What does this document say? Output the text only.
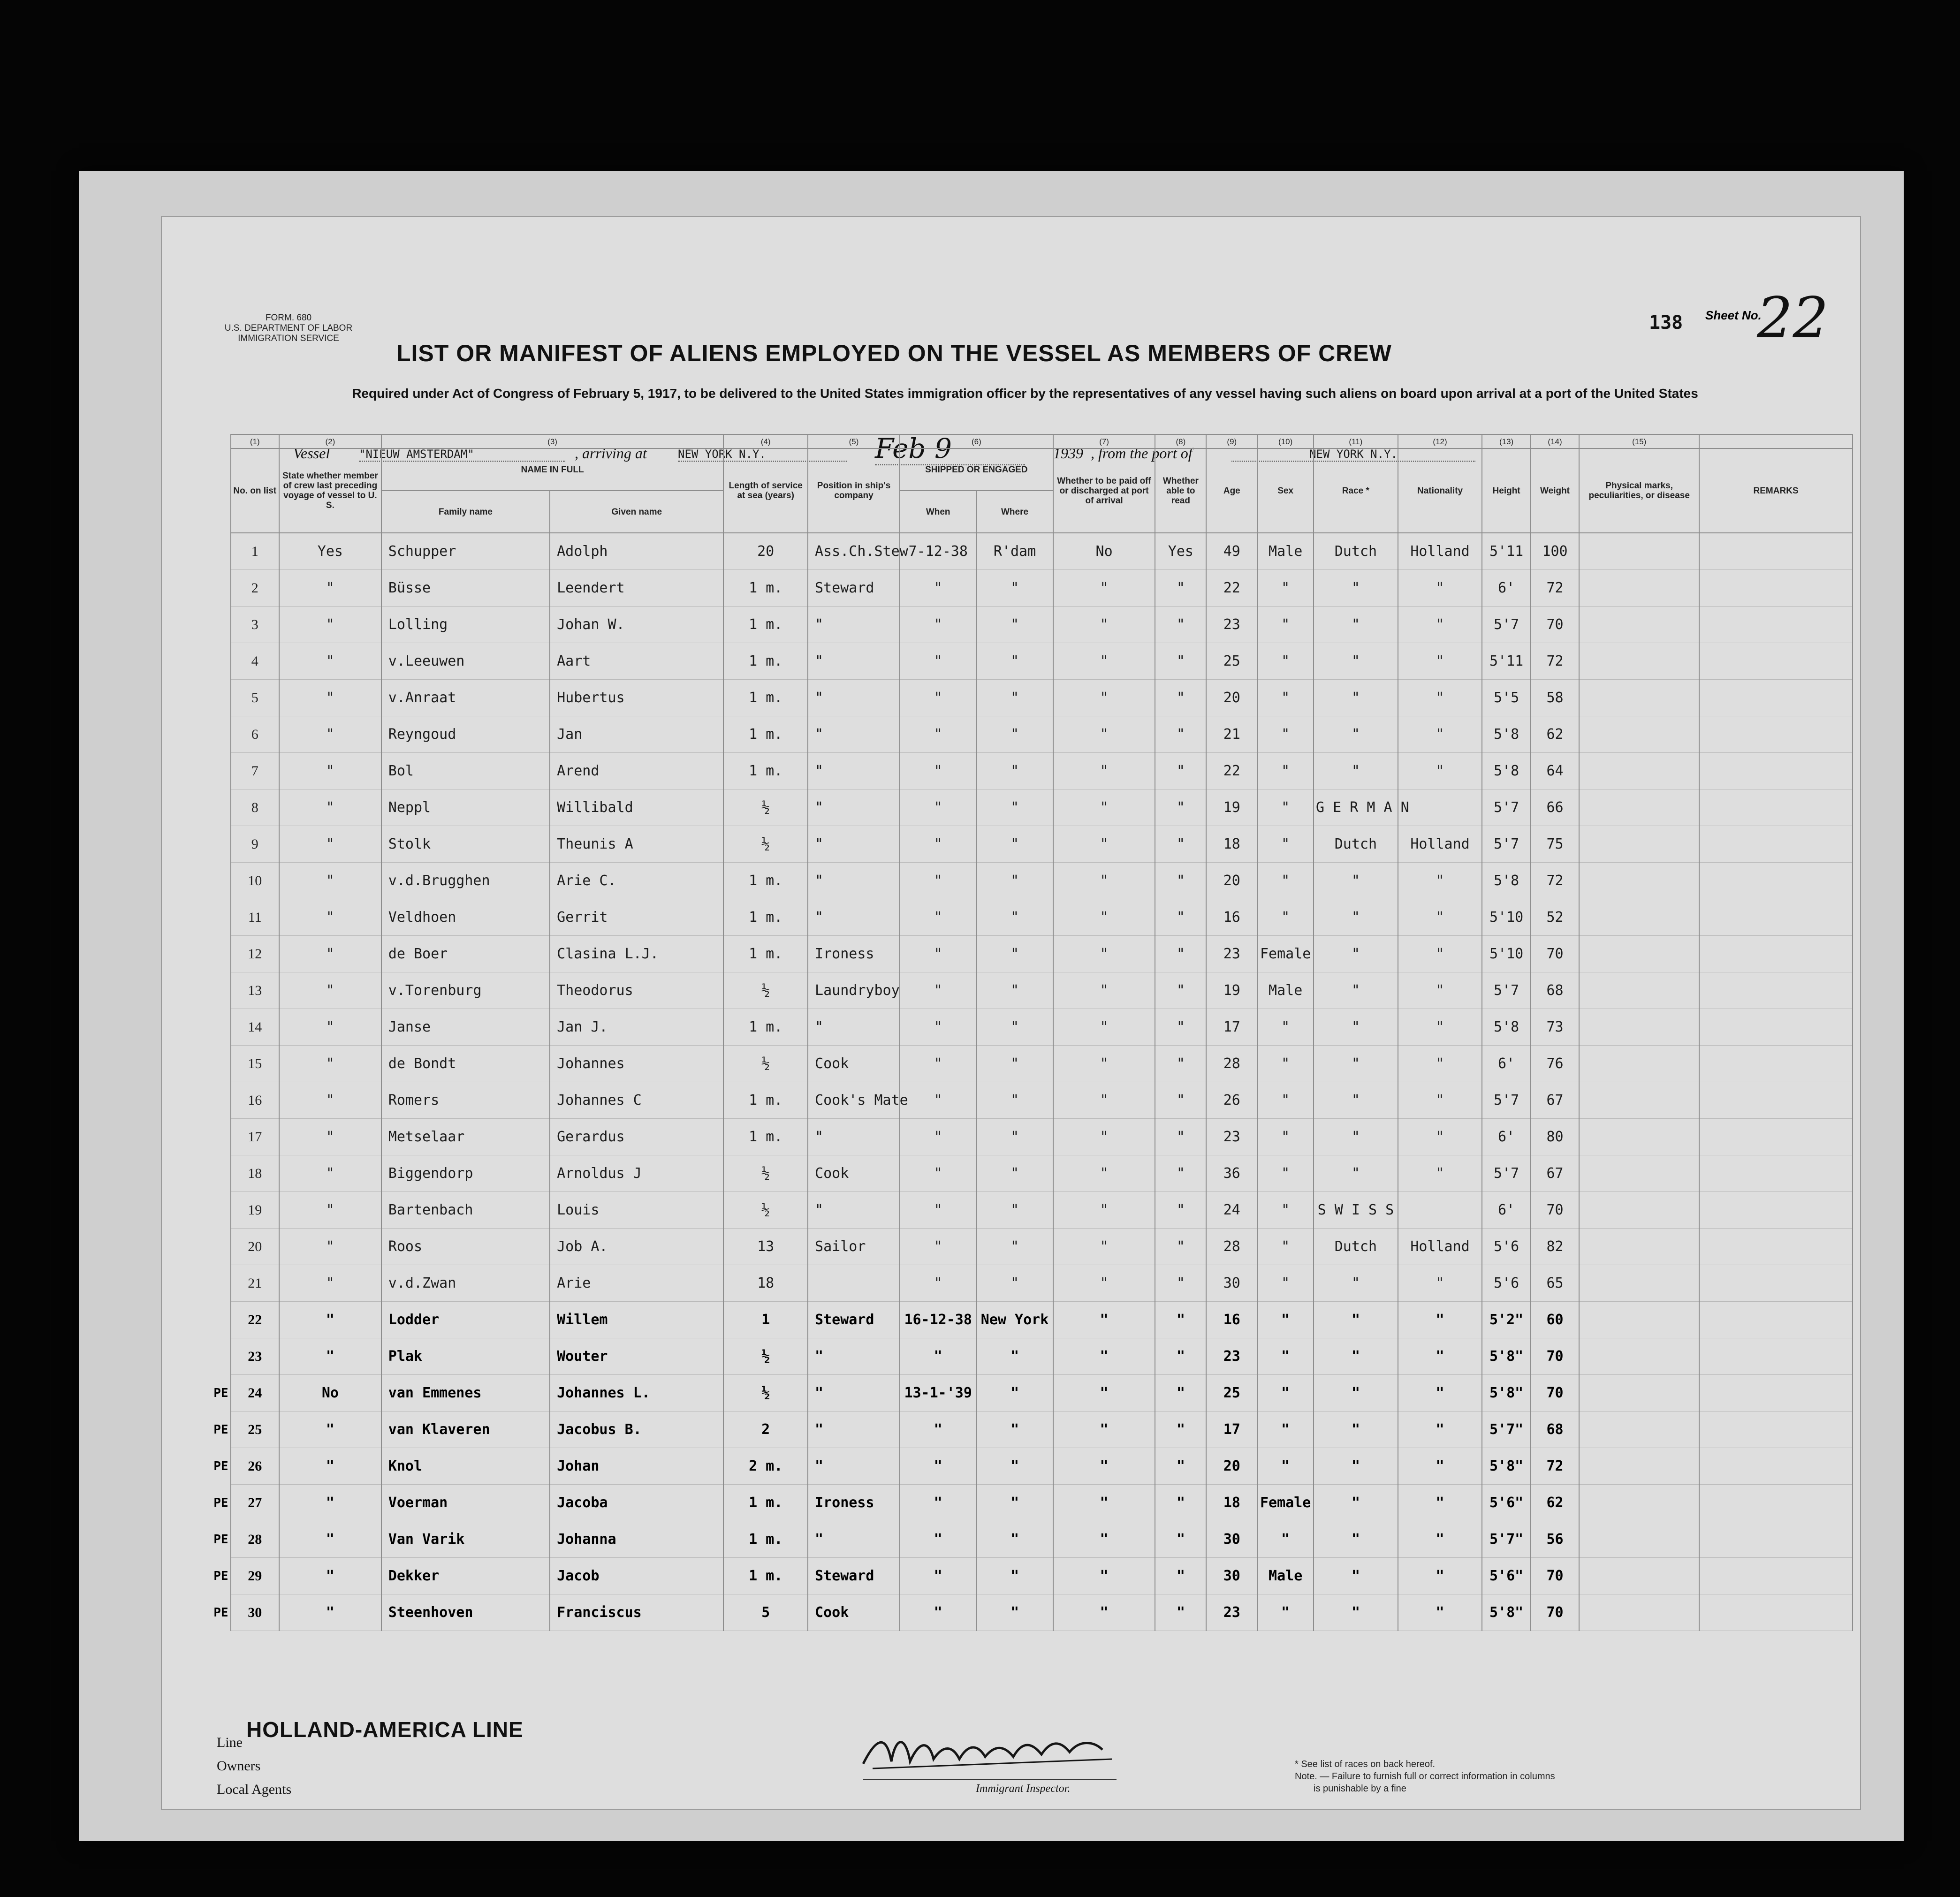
FORM. 680
U.S. DEPARTMENT OF LABOR
IMMIGRATION SERVICE
LIST OR MANIFEST OF ALIENS EMPLOYED ON THE VESSEL AS MEMBERS OF CREW
138 Sheet No.
22
Required under Act of Congress of February 5, 1917, to be delivered to the United States immigration officer by the representatives of any vessel having such aliens on board upon arrival at a port of the United States
Vessel	"NIEUW AMSTERDAM"	, arriving at	NEW YORK N.Y.	Feb 9	1939 , from the port of	NEW YORK N.Y.
	(1)	(2)	(3)		(4)	(5)	(6)		(7)	(8)	(9)	(10)	(11)	(12)	(13)	(14)	(15)	
	No. on list	State whether member of crew last preceding voyage of vessel to U. S.	NAME IN FULL		Length of service at sea (years)	Position in ship's company	SHIPPED OR ENGAGED		Whether to be paid off or discharged at port of arrival	Whether able to read	Age	Sex	Race *	Nationality	Height	Weight	Physical marks, peculiarities, or disease	REMARKS
			Family name	Given name			When	Where										
	1	Yes	Schupper	Adolph	20	Ass.Ch.Stew	7-12-38	R'dam	No	Yes	49	Male	Dutch	Holland	5'11	100		
	2	"	Büsse	Leendert	1 m.	Steward	"	"	"	"	22	"	"	"	6'	72		
	3	"	Lolling	Johan W.	1 m.	"	"	"	"	"	23	"	"	"	5'7	70		
	4	"	v.Leeuwen	Aart	1 m.	"	"	"	"	"	25	"	"	"	5'11	72		
	5	"	v.Anraat	Hubertus	1 m.	"	"	"	"	"	20	"	"	"	5'5	58		
	6	"	Reyngoud	Jan	1 m.	"	"	"	"	"	21	"	"	"	5'8	62		
	7	"	Bol	Arend	1 m.	"	"	"	"	"	22	"	"	"	5'8	64		
	8	"	Neppl	Willibald	½	"	"	"	"	"	19	"	G E R M A N		5'7	66		
	9	"	Stolk	Theunis A	½	"	"	"	"	"	18	"	Dutch	Holland	5'7	75		
	10	"	v.d.Brugghen	Arie C.	1 m.	"	"	"	"	"	20	"	"	"	5'8	72		
	11	"	Veldhoen	Gerrit	1 m.	"	"	"	"	"	16	"	"	"	5'10	52		
	12	"	de Boer	Clasina L.J.	1 m.	Ironess	"	"	"	"	23	Female	"	"	5'10	70		
	13	"	v.Torenburg	Theodorus	½	Laundryboy	"	"	"	"	19	Male	"	"	5'7	68		
	14	"	Janse	Jan J.	1 m.	"	"	"	"	"	17	"	"	"	5'8	73		
	15	"	de Bondt	Johannes	½	Cook	"	"	"	"	28	"	"	"	6'	76		
	16	"	Romers	Johannes C	1 m.	Cook's Mate	"	"	"	"	26	"	"	"	5'7	67		
	17	"	Metselaar	Gerardus	1 m.	"	"	"	"	"	23	"	"	"	6'	80		
	18	"	Biggendorp	Arnoldus J	½	Cook	"	"	"	"	36	"	"	"	5'7	67		
	19	"	Bartenbach	Louis	½	"	"	"	"	"	24	"	S W I S S		6'	70		
	20	"	Roos	Job A.	13	Sailor	"	"	"	"	28	"	Dutch	Holland	5'6	82		
	21	"	v.d.Zwan	Arie	18		"	"	"	"	30	"	"	"	5'6	65		
	22	"	Lodder	Willem	1	Steward	16-12-38	New York	"	"	16	"	"	"	5'2"	60		
	23	"	Plak	Wouter	½	"	"	"	"	"	23	"	"	"	5'8"	70		
PE	24	No	van Emmenes	Johannes L.	½	"	13-1-'39	"	"	"	25	"	"	"	5'8"	70		
PE	25	"	van Klaveren	Jacobus B.	2	"	"	"	"	"	17	"	"	"	5'7"	68		
PE	26	"	Knol	Johan	2 m.	"	"	"	"	"	20	"	"	"	5'8"	72		
PE	27	"	Voerman	Jacoba	1 m.	Ironess	"	"	"	"	18	Female	"	"	5'6"	62		
PE	28	"	Van Varik	Johanna	1 m.	"	"	"	"	"	30	"	"	"	5'7"	56		
PE	29	"	Dekker	Jacob	1 m.	Steward	"	"	"	"	30	Male	"	"	5'6"	70		
PE	30	"	Steenhoven	Franciscus	5	Cook	"	"	"	"	23	"	"	"	5'8"	70		
HOLLAND-AMERICA LINE
Line
Owners
Local Agents	Immigrant Inspector.
* See list of races on back hereof.
Note. — Failure to furnish full or correct information in columns
is punishable by a fine
